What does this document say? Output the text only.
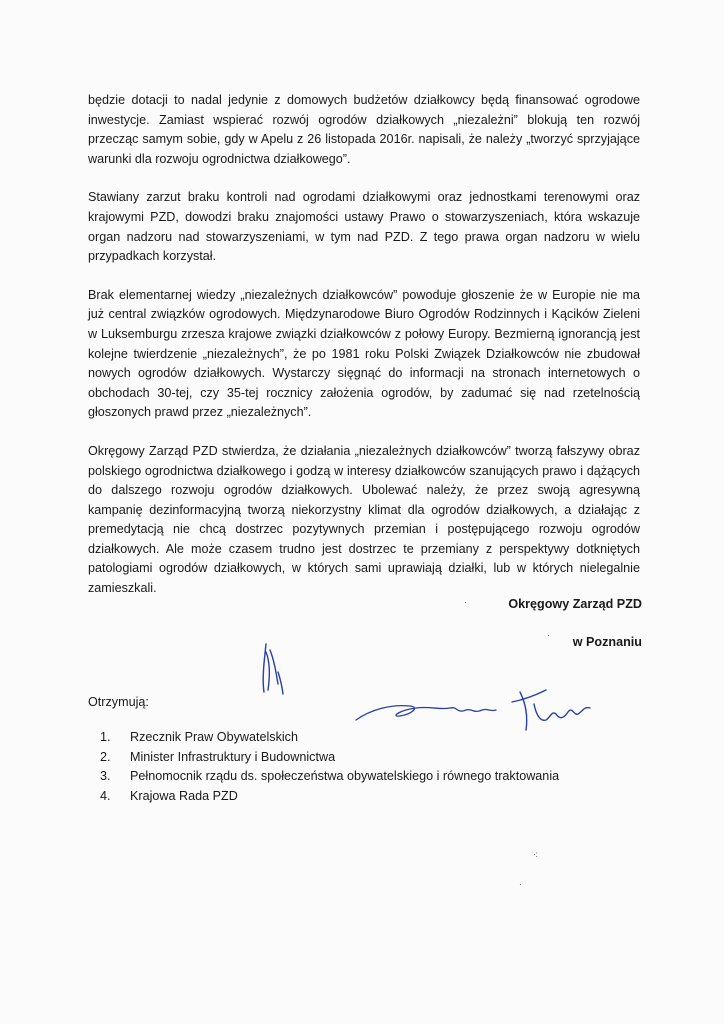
będzie dotacji to nadal jedynie z domowych budżetów działkowcy będą finansować ogrodowe inwestycje. Zamiast wspierać rozwój ogrodów działkowych „niezależni” blokują ten rozwój przecząc samym sobie, gdy w Apelu z 26 listopada 2016r. napisali, że należy „tworzyć sprzyjające warunki dla rozwoju ogrodnictwa działkowego”.

Stawiany zarzut braku kontroli nad ogrodami działkowymi oraz jednostkami terenowymi oraz krajowymi PZD, dowodzi braku znajomości ustawy Prawo o stowarzyszeniach, która wskazuje organ nadzoru nad stowarzyszeniami, w tym nad PZD. Z tego prawa organ nadzoru w wielu przypadkach korzystał.

Brak elementarnej wiedzy „niezależnych działkowców” powoduje głoszenie że w Europie nie ma już central związków ogrodowych. Międzynarodowe Biuro Ogrodów Rodzinnych i Kącików Zieleni w Luksemburgu zrzesza krajowe związki działkowców z połowy Europy. Bezmierną ignorancją jest kolejne twierdzenie „niezależnych”, że po 1981 roku Polski Związek Działkowców nie zbudował nowych ogrodów działkowych. Wystarczy sięgnąć do informacji na stronach internetowych o obchodach 30-tej, czy 35-tej rocznicy założenia ogrodów, by zadumać się nad rzetelnością głoszonych prawd przez „niezależnych”.

Okręgowy Zarząd PZD stwierdza, że działania „niezależnych działkowców” tworzą fałszywy obraz polskiego ogrodnictwa działkowego i godzą w interesy działkowców szanujących prawo i dążących do dalszego rozwoju ogrodów działkowych. Ubolewać należy, że przez swoją agresywną kampanię dezinformacyjną tworzą niekorzystny klimat dla ogrodów działkowych, a działając z premedytacją nie chcą dostrzec pozytywnych przemian i postępującego rozwoju ogrodów działkowych. Ale może czasem trudno jest dostrzec te przemiany z perspektywy dotkniętych patologiami ogrodów działkowych, w których sami uprawiają działki, lub w których nielegalnie zamieszkali.

Okręgowy Zarząd PZD
w Poznaniu
·
·
·:
·
Otrzymują:
1.	Rzecznik Praw Obywatelskich
2.	Minister Infrastruktury i Budownictwa
3.	Pełnomocnik rządu ds. społeczeństwa obywatelskiego i równego traktowania
4.	Krajowa Rada PZD
